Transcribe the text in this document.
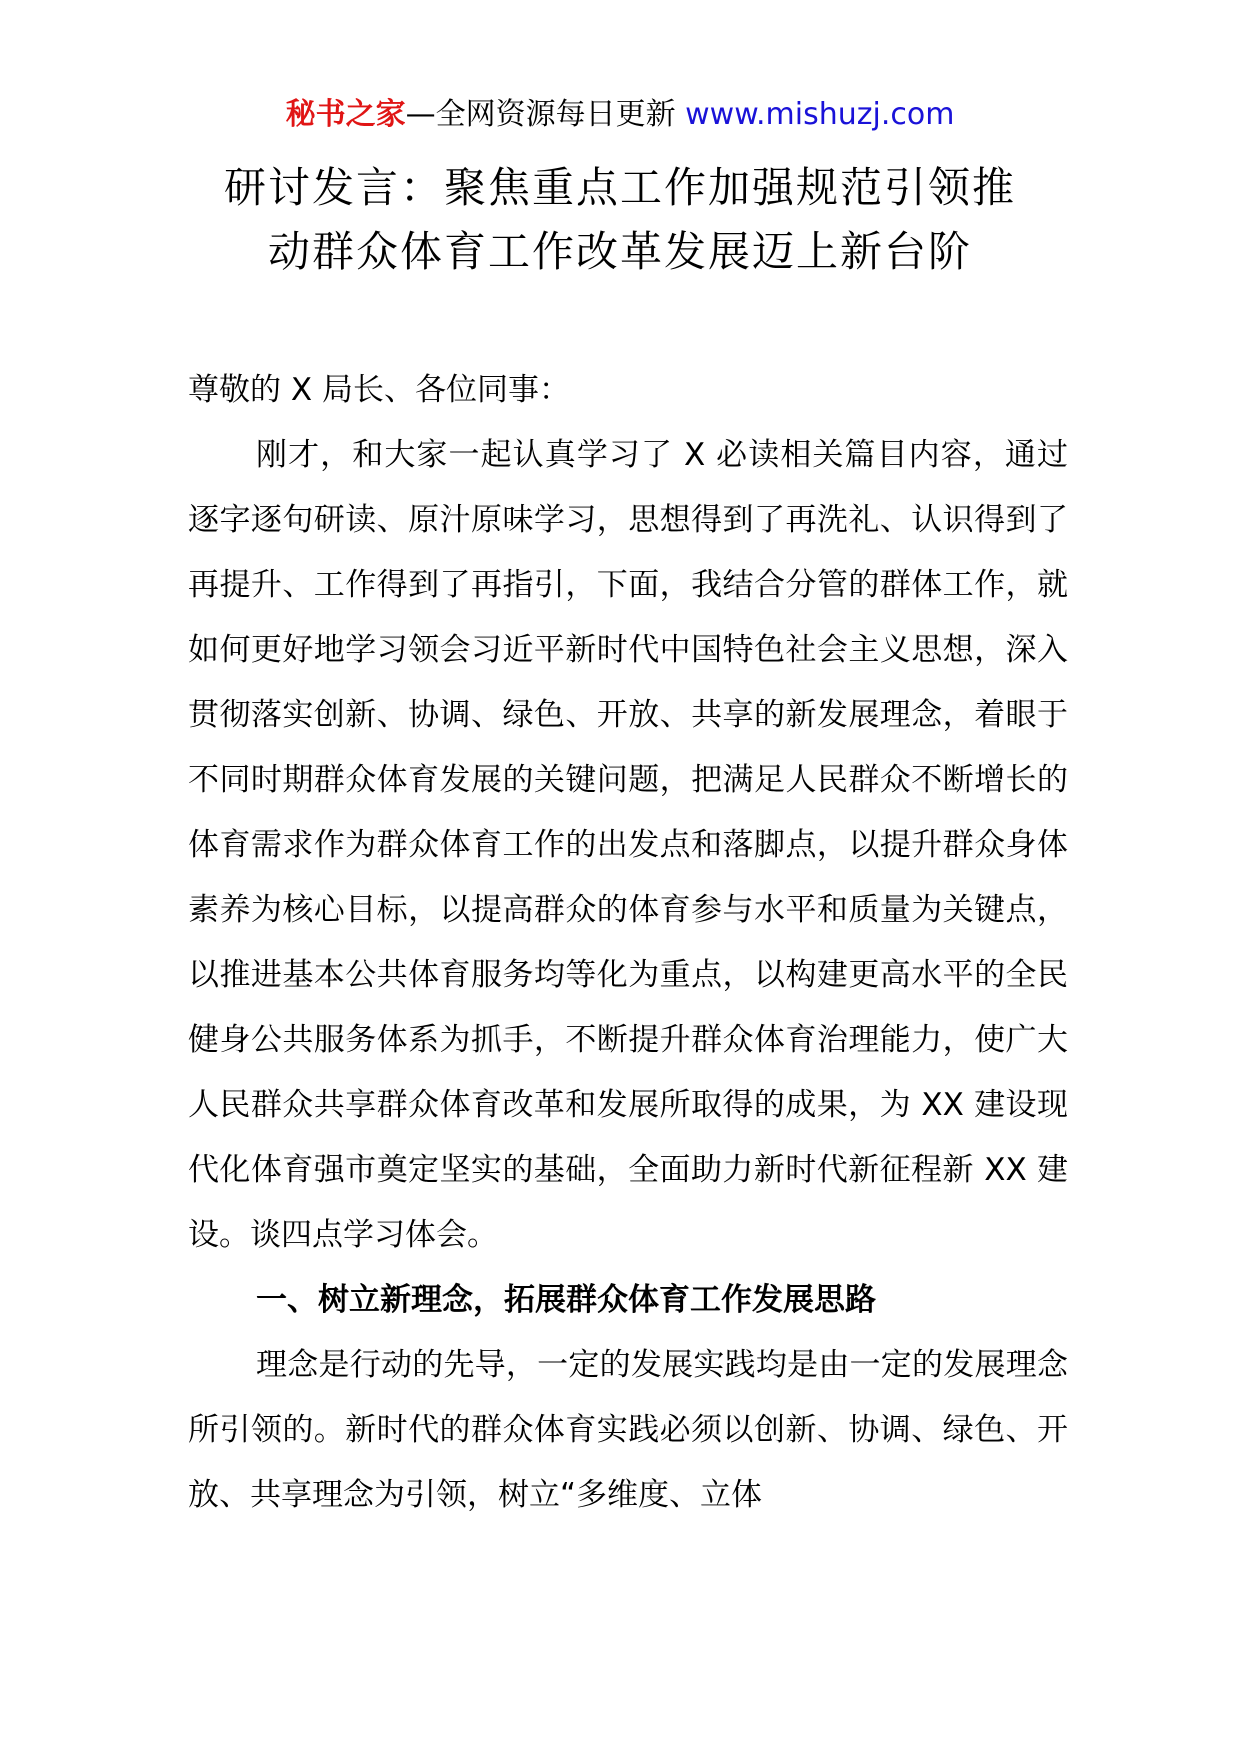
秘书之家—全网资源每日更新 www.mishuzj.com
研讨发言：聚焦重点工作加强规范引领推
动群众体育工作改革发展迈上新台阶

尊敬的 X 局长、各位同事：

刚才，和大家一起认真学习了 X 必读相关篇目内容，通过逐字逐句研读、原汁原味学习，思想得到了再洗礼、认识得到了再提升、工作得到了再指引，下面，我结合分管的群体工作，就如何更好地学习领会习近平新时代中国特色社会主义思想，深入贯彻落实创新、协调、绿色、开放、共享的新发展理念，着眼于不同时期群众体育发展的关键问题，把满足人民群众不断增长的体育需求作为群众体育工作的出发点和落脚点，以提升群众身体素养为核心目标，以提高群众的体育参与水平和质量为关键点，以推进基本公共体育服务均等化为重点，以构建更高水平的全民健身公共服务体系为抓手，不断提升群众体育治理能力，使广大人民群众共享群众体育改革和发展所取得的成果，为 XX 建设现代化体育强市奠定坚实的基础，全面助力新时代新征程新 XX 建设。谈四点学习体会。

一、树立新理念，拓展群众体育工作发展思路

理念是行动的先导，一定的发展实践均是由一定的发展理念所引领的。新时代的群众体育实践必须以创新、协调、绿色、开放、共享理念为引领，树立“多维度、立体
